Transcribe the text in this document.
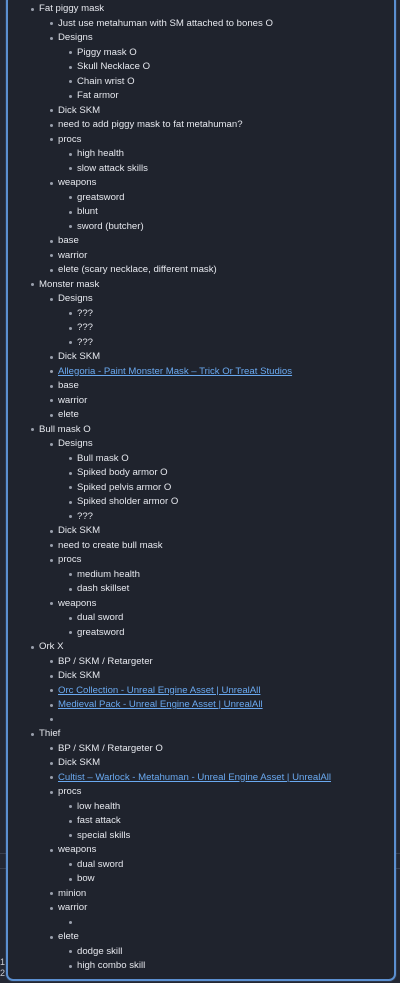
1
2
Fat piggy mask
Just use metahuman with SM attached to bones O
Designs
Piggy mask O
Skull Necklace O
Chain wrist O
Fat armor
Dick SKM
need to add piggy mask to fat metahuman?
procs
high health
slow attack skills
weapons
greatsword
blunt
sword (butcher)
base
warrior
elete (scary necklace, different mask)
Monster mask
Designs
???
???
???
Dick SKM
Allegoria - Paint Monster Mask – Trick Or Treat Studios
base
warrior
elete
Bull mask O
Designs
Bull mask O
Spiked body armor O
Spiked pelvis armor O
Spiked sholder armor O
???
Dick SKM
need to create bull mask
procs
medium health
dash skillset
weapons
dual sword
greatsword
Ork X
BP / SKM / Retargeter
Dick SKM
Orc Collection - Unreal Engine Asset | UnrealAll
Medieval Pack - Unreal Engine Asset | UnrealAll
Thief
BP / SKM / Retargeter O
Dick SKM
Cultist – Warlock - Metahuman - Unreal Engine Asset | UnrealAll
procs
low health
fast attack
special skills
weapons
dual sword
bow
minion
warrior
elete
dodge skill
high combo skill
